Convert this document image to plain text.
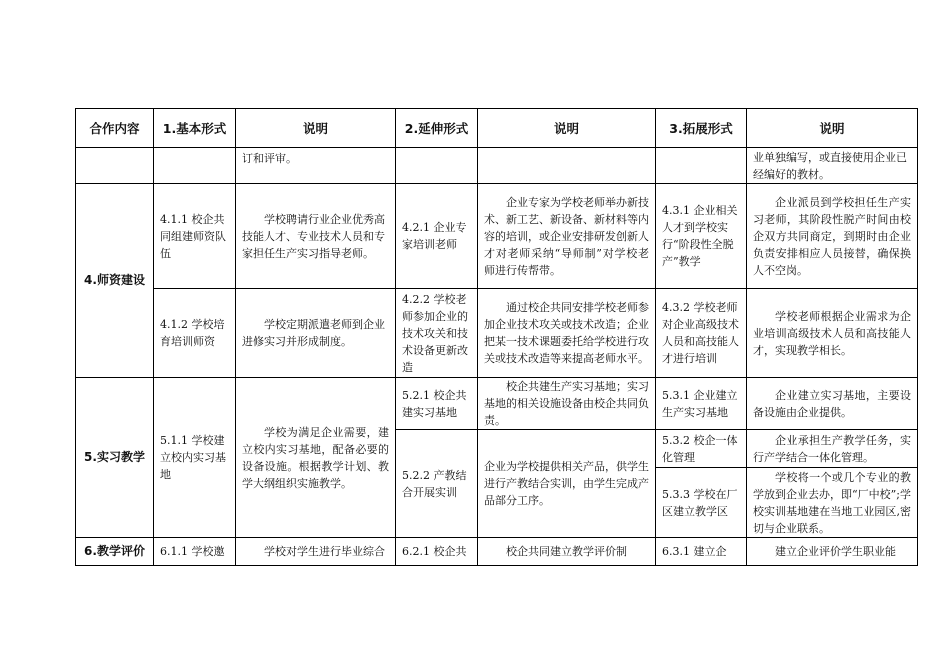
合作内容	1.基本形式	说明	2.延伸形式	说明	3.拓展形式	说明
		订和评审。				业单独编写，或直接使用企业已经编好的教材。
4.师资建设	4.1.1 校企共同组建师资队伍	学校聘请行业企业优秀高技能人才、专业技术人员和专家担任生产实习指导老师。	4.2.1 企业专家培训老师	企业专家为学校老师举办新技术、新工艺、新设备、新材料等内容的培训，或企业安排研发创新人才对老师采纳“导师制”对学校老师进行传帮带。	4.3.1 企业相关人才到学校实行“阶段性全脱产”教学	企业派员到学校担任生产实习老师，其阶段性脱产时间由校企双方共同商定，到期时由企业负责安排相应人员接替，确保换人不空岗。
	4.1.2 学校培育培训师资	学校定期派遣老师到企业进修实习并形成制度。	4.2.2 学校老师参加企业的技术攻关和技术设备更新改造	通过校企共同安排学校老师参加企业技术攻关或技术改造；企业把某一技术课题委托给学校进行攻关或技术改造等来提高老师水平。	4.3.2 学校老师对企业高级技术人员和高技能人才进行培训	学校老师根据企业需求为企业培训高级技术人员和高技能人才，实现教学相长。
5.实习教学	5.1.1 学校建立校内实习基地	学校为满足企业需要，建立校内实习基地，配备必要的设备设施。根据教学计划、教学大纲组织实施教学。	5.2.1 校企共建实习基地	校企共建生产实习基地；实习基地的相关设施设备由校企共同负责。	5.3.1 企业建立生产实习基地	企业建立实习基地，主要设备设施由企业提供。
			5.2.2 产教结合开展实训	企业为学校提供相关产品，供学生进行产教结合实训，由学生完成产品部分工序。	5.3.2 校企一体化管理	企业承担生产教学任务，实行产学结合一体化管理。
					5.3.3 学校在厂区建立教学区	学校将一个或几个专业的教学放到企业去办，即“厂中校”;学校实训基地建在当地工业园区,密切与企业联系。
6.教学评价	6.1.1 学校邀	学校对学生进行毕业综合	6.2.1 校企共	校企共同建立教学评价制	6.3.1 建立企	建立企业评价学生职业能
